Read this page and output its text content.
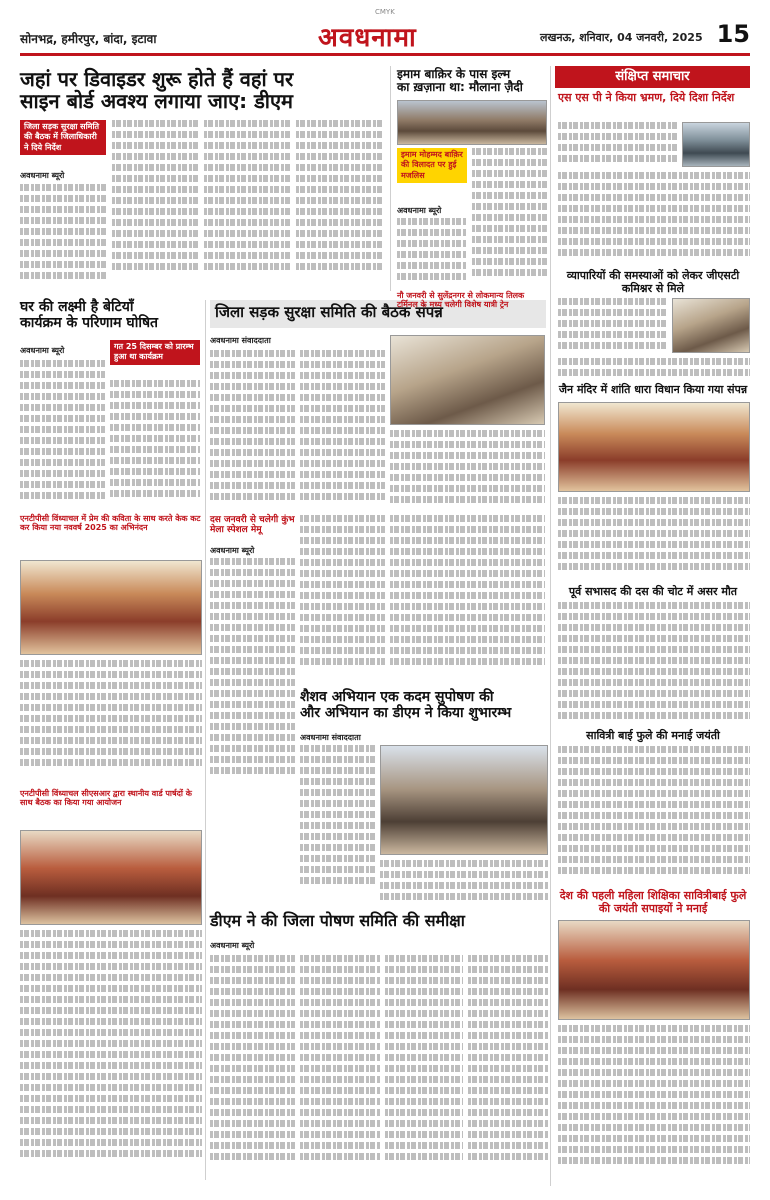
CMYK
सोनभद्र, हमीरपुर, बांदा, इटावा	अवधनामा	लखनऊ, शनिवार, 04 जनवरी, 2025 15
जहां पर डिवाइडर शुरू होते हैं वहां पर
साइन बोर्ड अवश्य लगाया जाए: डीएम
जिला सड़क सुरक्षा समिति की बैठक में जिलाधिकारी ने दिये निर्देश
अवधनामा ब्यूरो
इमाम बाक़िर के पास इल्म
का ख़ज़ाना था: मौलाना ज़ैदी
इमाम मोहम्मद बाक़िर की विलादत पर हुई मजलिस
अवधनामा ब्यूरो
घर की लक्ष्मी है बेटियाँ
कार्यक्रम के परिणाम घोषित
गत 25 दिसम्बर को प्रारम्भ हुआ था कार्यक्रम
अवधनामा ब्यूरो
जिला सड़क सुरक्षा समिति की बैठक संपन्न
अवधनामा संवाददाता
नौ जनवरी से सुलेंद्रनगर से लोकमान्य तिलक टर्मिनल के मध्य चलेगी विशेष यात्री ट्रेन
एनटीपीसी विंध्याचल में प्रेम की कविता के साथ करते केक कट कर किया नया नववर्ष 2025 का अभिनंदन
दस जनवरी से चलेगी कुंभ मेला स्पेशल मेमू
अवधनामा ब्यूरो
शैशव अभियान एक कदम सुपोषण की
और अभियान का डीएम ने किया शुभारम्भ
अवधनामा संवाददाता
एनटीपीसी विंध्याचल सीएसआर द्वारा स्थानीय वार्ड पार्षदों के साथ बैठक का किया गया आयोजन
डीएम ने की जिला पोषण समिति की समीक्षा
अवधनामा ब्यूरो
संक्षिप्त समाचार
एस एस पी ने किया भ्रमण, दिये दिशा निर्देश
व्यापारियों की समस्याओं को लेकर जीएसटी कमिश्नर से मिले
जैन मंदिर में शांति धारा विधान किया गया संपन्न
पूर्व सभासद की दस की चोट में असर मौत
सावित्री बाई फुले की मनाई जयंती
देश की पहली महिला शिक्षिका सावित्रीबाई फुले की जयंती सपाइयों ने मनाई
